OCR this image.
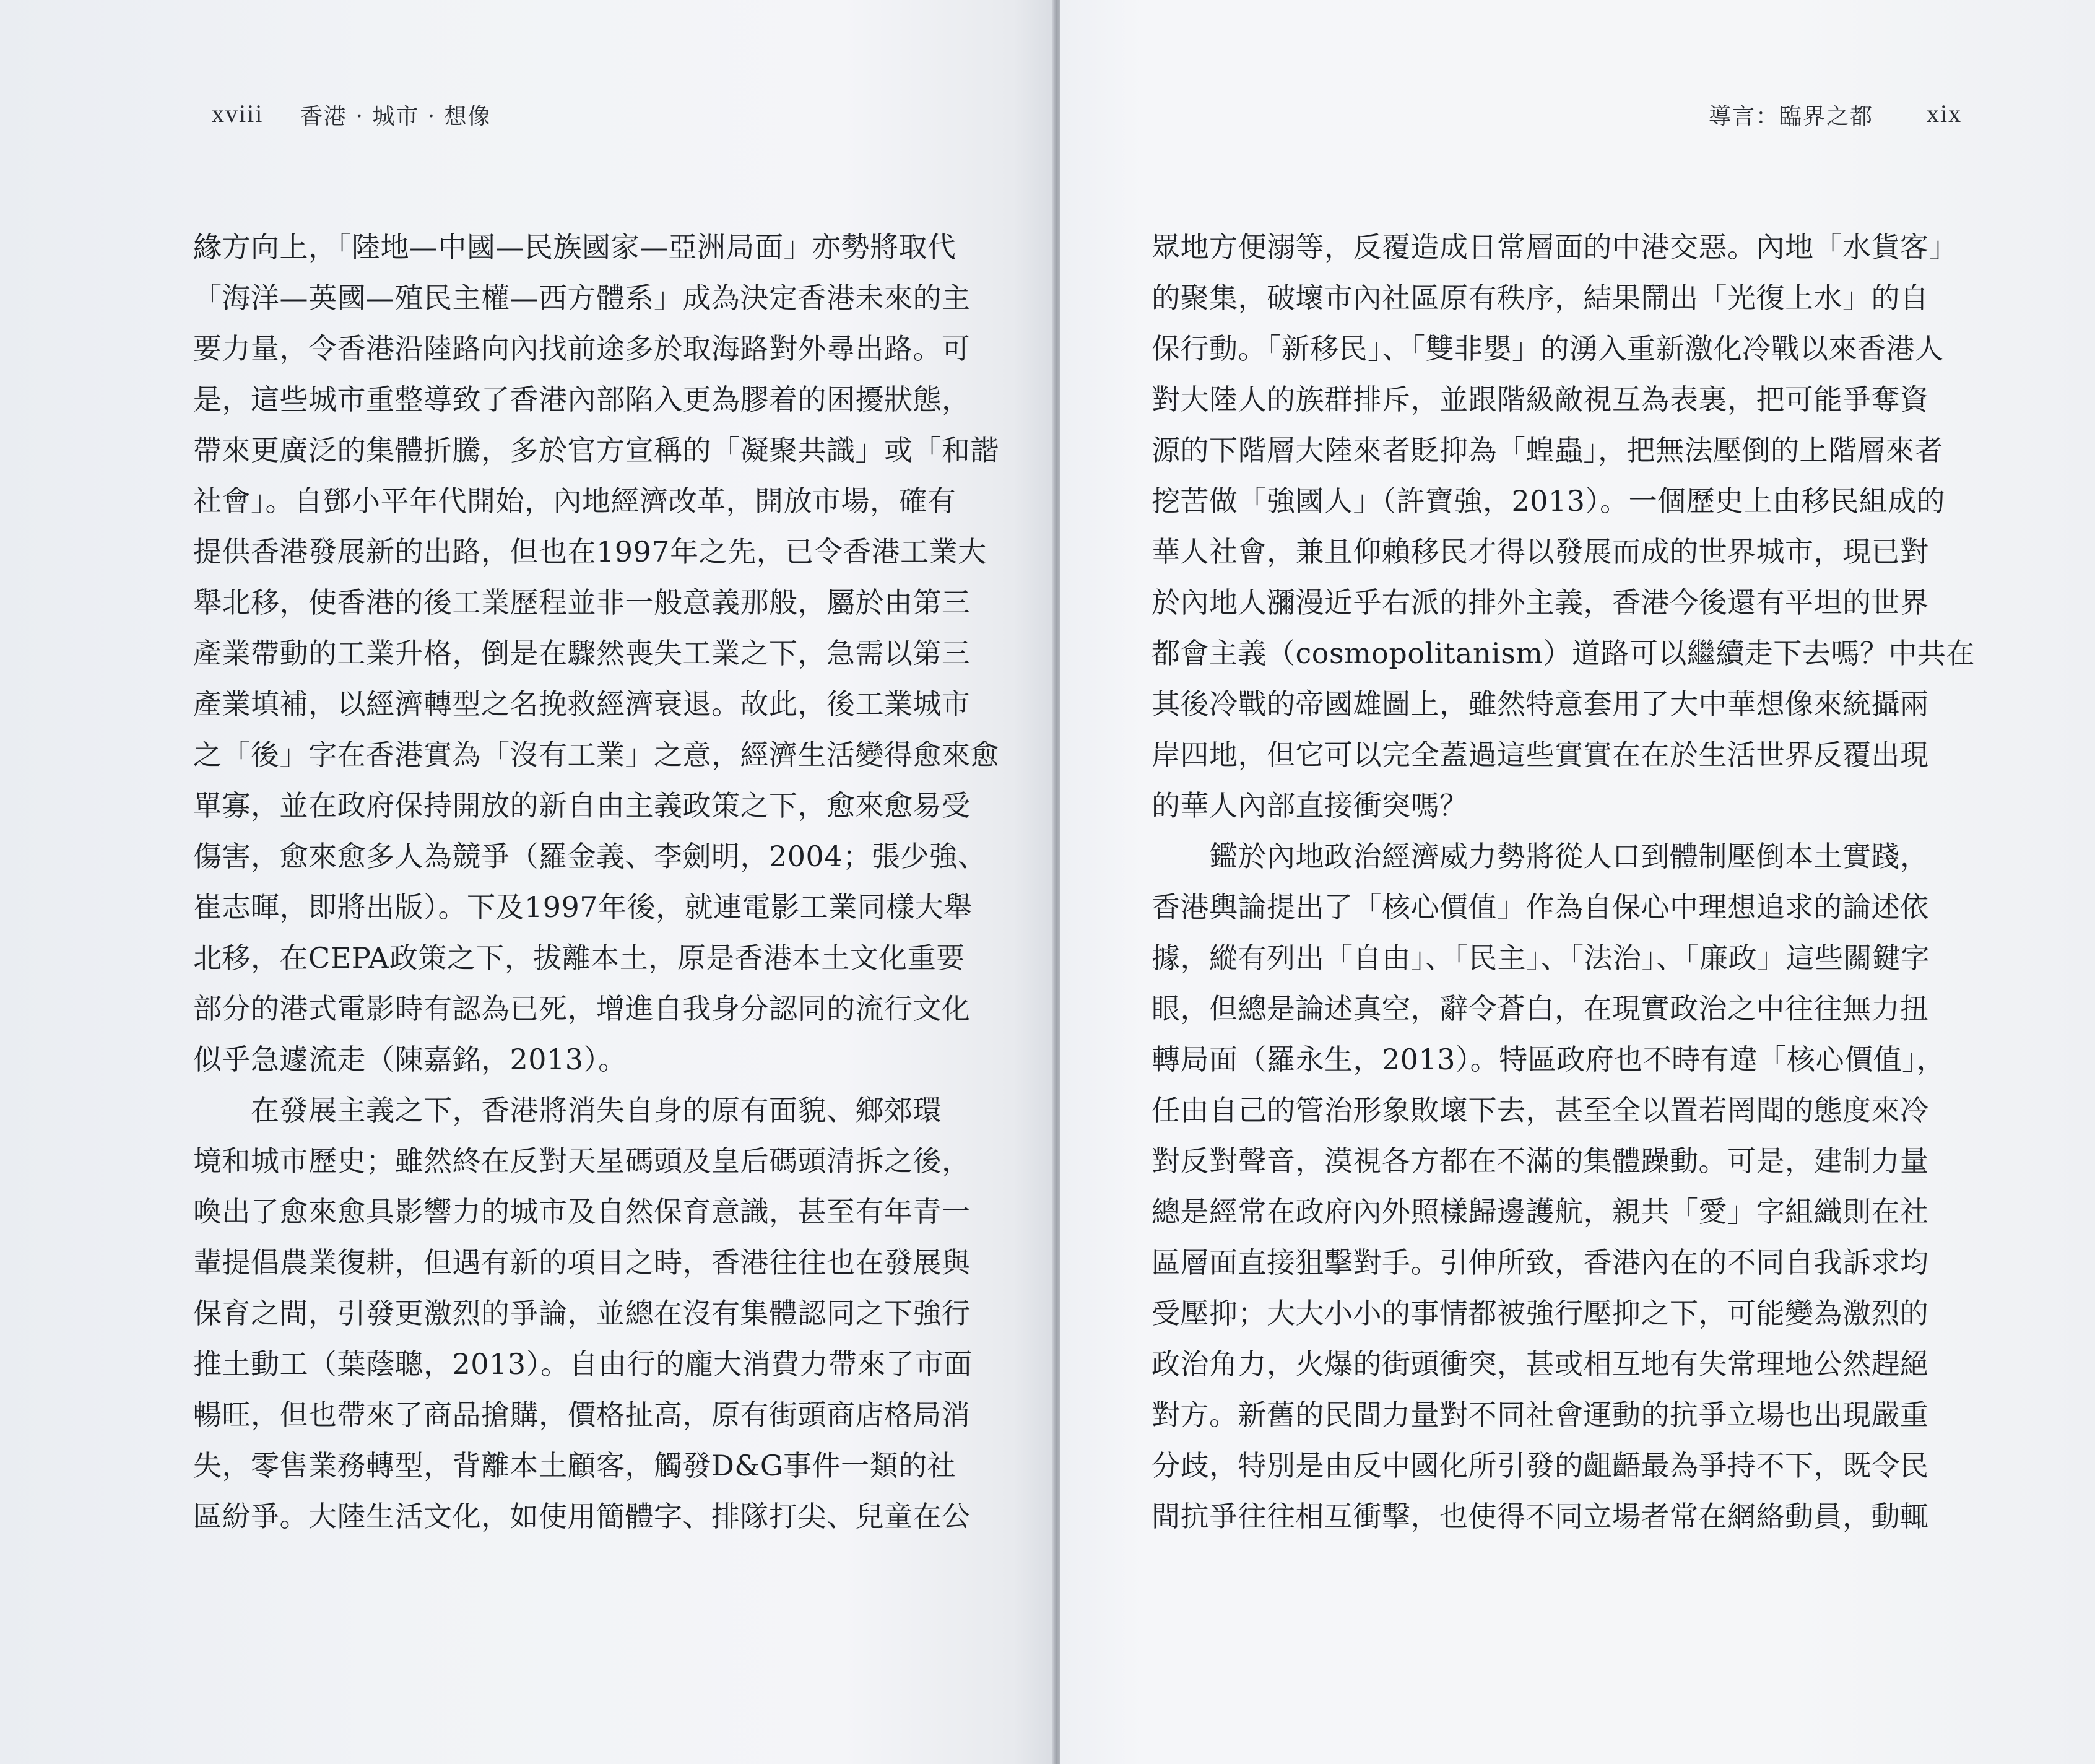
xviii 香港 · 城市 · 想像
緣方向上，「陸地—中國—民族國家—亞洲局面」亦勢將取代
「海洋—英國—殖民主權—西方體系」成為決定香港未來的主
要力量，令香港沿陸路向內找前途多於取海路對外尋出路。可
是，這些城市重整導致了香港內部陷入更為膠着的困擾狀態，
帶來更廣泛的集體折騰，多於官方宣稱的「凝聚共識」或「和諧
社會」。自鄧小平年代開始，內地經濟改革，開放市場，確有
提供香港發展新的出路，但也在1997年之先，已令香港工業大
舉北移，使香港的後工業歷程並非一般意義那般，屬於由第三
產業帶動的工業升格，倒是在驟然喪失工業之下，急需以第三
產業填補，以經濟轉型之名挽救經濟衰退。故此，後工業城市
之「後」字在香港實為「沒有工業」之意，經濟生活變得愈來愈
單寡，並在政府保持開放的新自由主義政策之下，愈來愈易受
傷害，愈來愈多人為競爭（羅金義、李劍明，2004；張少強、
崔志暉，即將出版）。下及1997年後，就連電影工業同樣大舉
北移，在CEPA政策之下，拔離本土，原是香港本土文化重要
部分的港式電影時有認為已死，增進自我身分認同的流行文化
似乎急遽流走（陳嘉銘，2013）。
　　在發展主義之下，香港將消失自身的原有面貌、鄉郊環
境和城市歷史；雖然終在反對天星碼頭及皇后碼頭清拆之後，
喚出了愈來愈具影響力的城市及自然保育意識，甚至有年青一
輩提倡農業復耕，但遇有新的項目之時，香港往往也在發展與
保育之間，引發更激烈的爭論，並總在沒有集體認同之下強行
推土動工（葉蔭聰，2013）。自由行的龐大消費力帶來了市面
暢旺，但也帶來了商品搶購，價格扯高，原有街頭商店格局消
失，零售業務轉型，背離本土顧客，觸發D&G事件一類的社
區紛爭。大陸生活文化，如使用簡體字、排隊打尖、兒童在公
導言：臨界之都 xix
眾地方便溺等，反覆造成日常層面的中港交惡。內地「水貨客」
的聚集，破壞市內社區原有秩序，結果鬧出「光復上水」的自
保行動。「新移民」、「雙非嬰」的湧入重新激化冷戰以來香港人
對大陸人的族群排斥，並跟階級敵視互為表裏，把可能爭奪資
源的下階層大陸來者貶抑為「蝗蟲」，把無法壓倒的上階層來者
挖苦做「強國人」（許寶強，2013）。一個歷史上由移民組成的
華人社會，兼且仰賴移民才得以發展而成的世界城市，現已對
於內地人瀰漫近乎右派的排外主義，香港今後還有平坦的世界
都會主義（cosmopolitanism）道路可以繼續走下去嗎？中共在
其後冷戰的帝國雄圖上，雖然特意套用了大中華想像來統攝兩
岸四地，但它可以完全蓋過這些實實在在於生活世界反覆出現
的華人內部直接衝突嗎？
　　鑑於內地政治經濟威力勢將從人口到體制壓倒本土實踐，
香港輿論提出了「核心價值」作為自保心中理想追求的論述依
據，縱有列出「自由」、「民主」、「法治」、「廉政」這些關鍵字
眼，但總是論述真空，辭令蒼白，在現實政治之中往往無力扭
轉局面（羅永生，2013）。特區政府也不時有違「核心價值」，
任由自己的管治形象敗壞下去，甚至全以置若罔聞的態度來冷
對反對聲音，漠視各方都在不滿的集體躁動。可是，建制力量
總是經常在政府內外照樣歸邊護航，親共「愛」字組織則在社
區層面直接狙擊對手。引伸所致，香港內在的不同自我訴求均
受壓抑；大大小小的事情都被強行壓抑之下，可能變為激烈的
政治角力，火爆的街頭衝突，甚或相互地有失常理地公然趕絕
對方。新舊的民間力量對不同社會運動的抗爭立場也出現嚴重
分歧，特別是由反中國化所引發的齟齬最為爭持不下，既令民
間抗爭往往相互衝擊，也使得不同立場者常在網絡動員，動輒
